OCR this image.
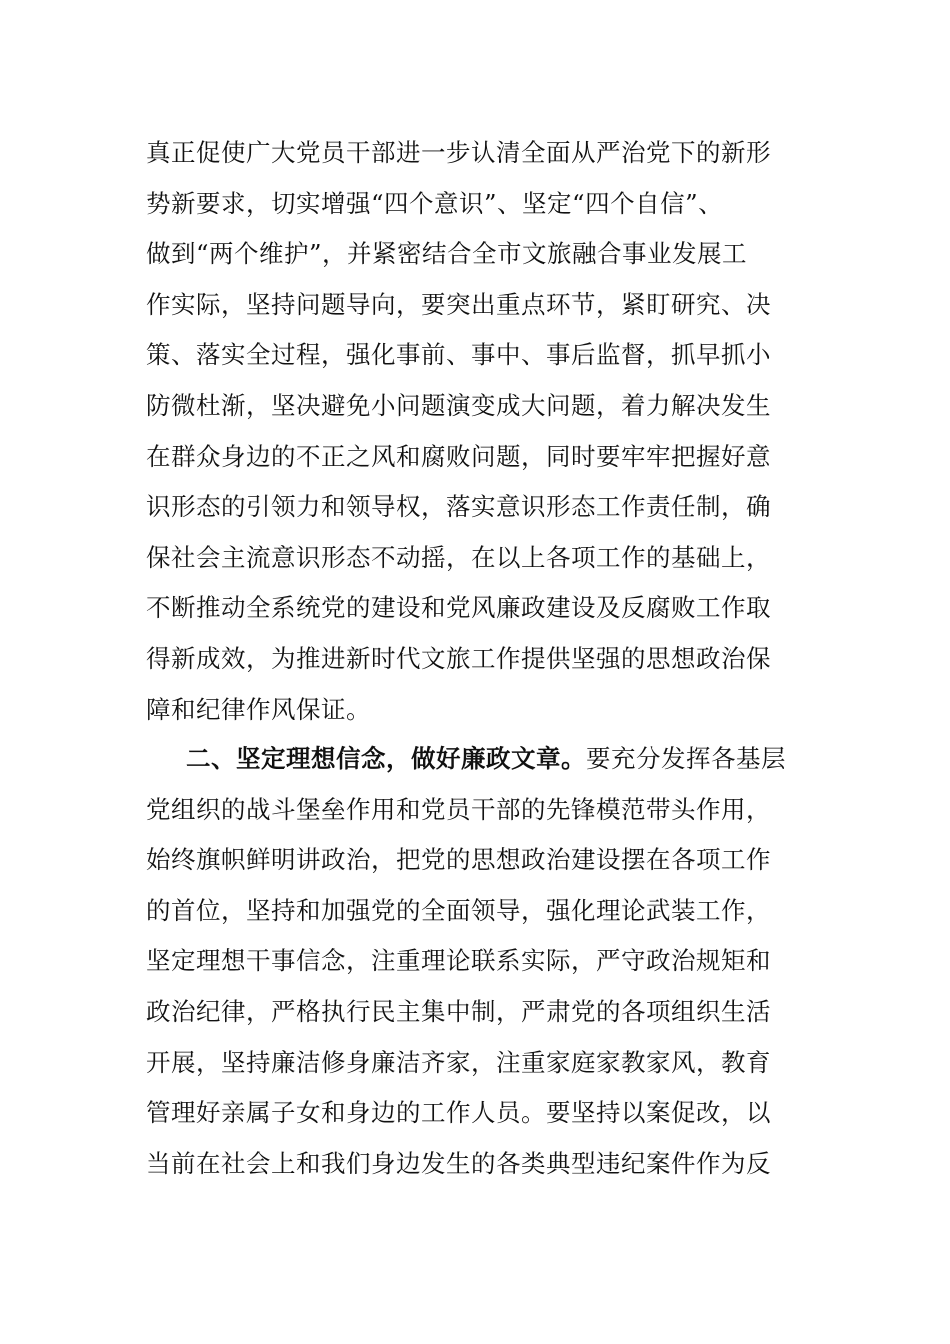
真正促使广大党员干部进一步认清全面从严治党下的新形
势新要求，切实增强“四个意识”、坚定“四个自信”、
做到“两个维护”，并紧密结合全市文旅融合事业发展工
作实际，坚持问题导向，要突出重点环节，紧盯研究、决
策、落实全过程，强化事前、事中、事后监督，抓早抓小
防微杜渐，坚决避免小问题演变成大问题，着力解决发生
在群众身边的不正之风和腐败问题，同时要牢牢把握好意
识形态的引领力和领导权，落实意识形态工作责任制，确
保社会主流意识形态不动摇，在以上各项工作的基础上，
不断推动全系统党的建设和党风廉政建设及反腐败工作取
得新成效，为推进新时代文旅工作提供坚强的思想政治保
障和纪律作风保证。
二、坚定理想信念，做好廉政文章。要充分发挥各基层
党组织的战斗堡垒作用和党员干部的先锋模范带头作用，
始终旗帜鲜明讲政治，把党的思想政治建设摆在各项工作
的首位，坚持和加强党的全面领导，强化理论武装工作，
坚定理想干事信念，注重理论联系实际，严守政治规矩和
政治纪律，严格执行民主集中制，严肃党的各项组织生活
开展，坚持廉洁修身廉洁齐家，注重家庭家教家风，教育
管理好亲属子女和身边的工作人员。要坚持以案促改，以
当前在社会上和我们身边发生的各类典型违纪案件作为反
